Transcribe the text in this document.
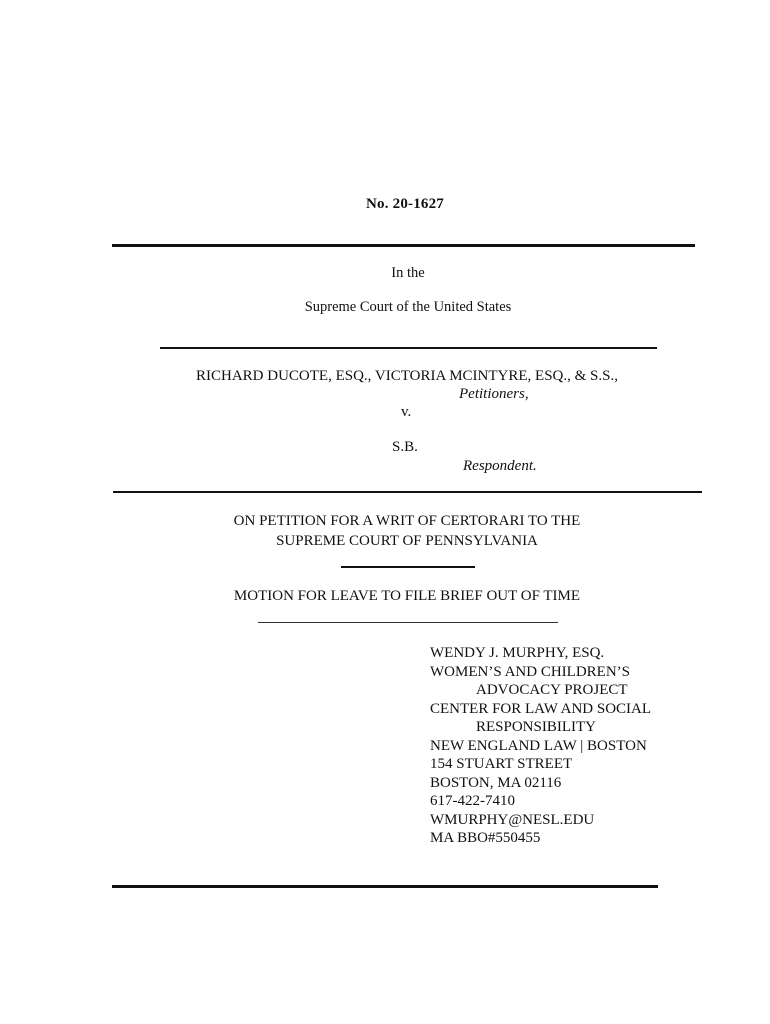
No. 20-1627
In the
Supreme Court of the United States
RICHARD DUCOTE, ESQ., VICTORIA MCINTYRE, ESQ., & S.S.,
Petitioners,
v.
S.B.
Respondent.
ON PETITION FOR A WRIT OF CERTORARI TO THE
SUPREME COURT OF PENNSYLVANIA
MOTION FOR LEAVE TO FILE BRIEF OUT OF TIME
WENDY J. MURPHY, ESQ.
WOMEN’S AND CHILDREN’S
ADVOCACY PROJECT
CENTER FOR LAW AND SOCIAL
RESPONSIBILITY
NEW ENGLAND LAW | BOSTON
154 STUART STREET
BOSTON, MA 02116
617-422-7410
WMURPHY@NESL.EDU
MA BBO#550455
